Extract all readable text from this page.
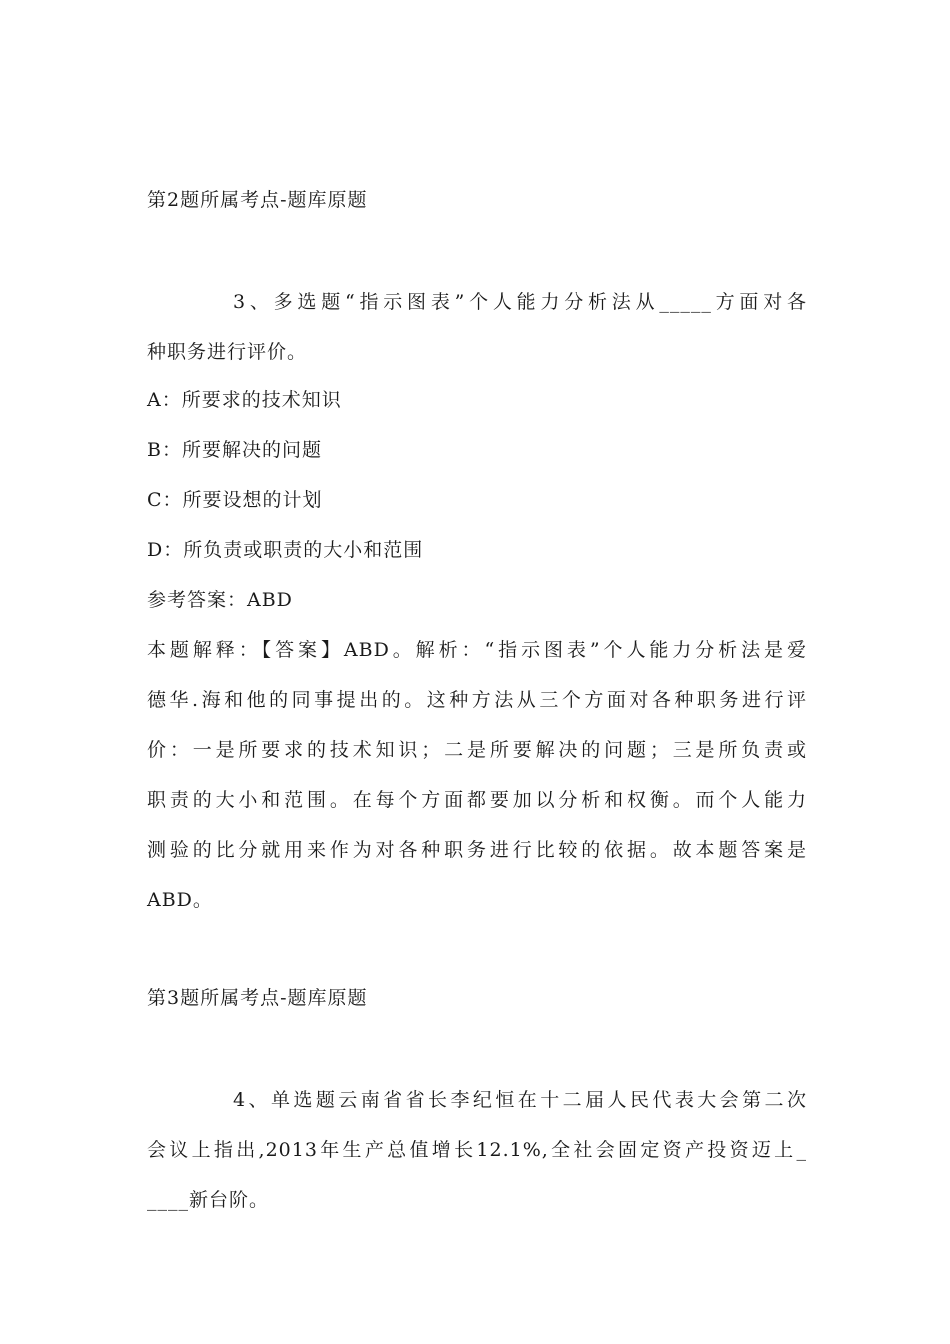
第2题所属考点-题库原题
3、多选题“指示图表”个人能力分析法从_____方面对各
种职务进行评价。
A：所要求的技术知识
B：所要解决的问题
C：所要设想的计划
D：所负责或职责的大小和范围
参考答案：ABD
本题解释：【答案】ABD。解析：“指示图表”个人能力分析法是爱
德华.海和他的同事提出的。这种方法从三个方面对各种职务进行评
价：一是所要求的技术知识；二是所要解决的问题；三是所负责或
职责的大小和范围。在每个方面都要加以分析和权衡。而个人能力
测验的比分就用来作为对各种职务进行比较的依据。故本题答案是
ABD。
第3题所属考点-题库原题
4、单选题云南省省长李纪恒在十二届人民代表大会第二次
会议上指出,2013年生产总值增长12.1%,全社会固定资产投资迈上_
____新台阶。
